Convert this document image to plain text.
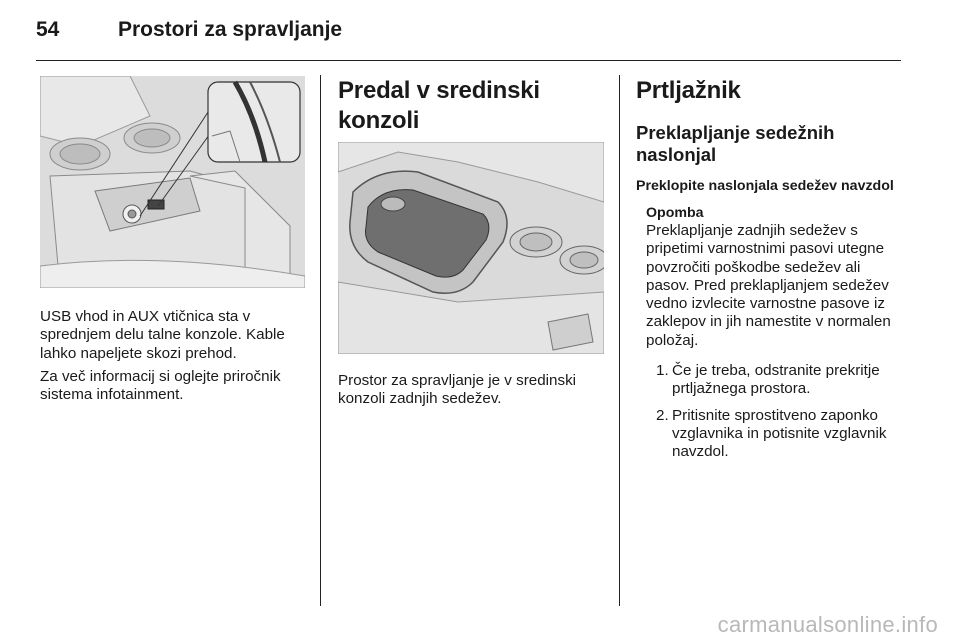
54	Prostori za spravljanje

USB vhod in AUX vtičnica sta v sprednjem delu talne konzole. Kable lahko napeljete skozi prehod.

Za več informacij si oglejte priročnik sistema infotainment.

Predal v sredinski konzoli

Prostor za spravljanje je v sredinski konzoli zadnjih sedežev.

Prtljažnik
Preklapljanje sedežnih naslonjal
Preklopite naslonjala sedežev navzdol
Opomba

Preklapljanje zadnjih sedežev s pripetimi varnostnimi pasovi utegne povzročiti poškodbe sedežev ali pasov. Pred preklapljanjem sedežev vedno izvlecite varnostne pasove iz zaklepov in jih namestite v normalen položaj.

1. Če je treba, odstranite prekritje prtljažnega prostora.
2. Pritisnite sprostitveno zaponko vzglavnika in potisnite vzglavnik navzdol.
carmanualsonline.info
